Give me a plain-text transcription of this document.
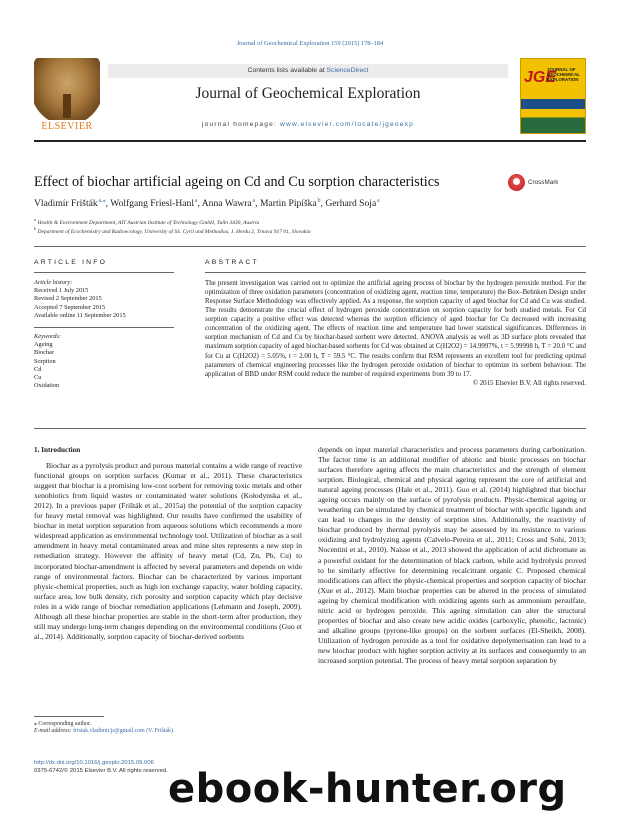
Journal of Geochemical Exploration 159 (2015) 178–184
ELSEVIER
Contents lists available at ScienceDirect
Journal of Geochemical Exploration
journal homepage: www.elsevier.com/locate/jgeoexp
JGE
JOURNAL OF GEOCHEMICAL EXPLORATION
Effect of biochar artificial ageing on Cd and Cu sorption characteristics	CrossMark
Vladimír Frišták $^{a,⁎}$, Wolfgang Friesl-Hanl $^a$, Anna Wawra $^a$, Martin Pipíška $^b$, Gerhard Soja $^a$
$^a$ Health & Environment Department, AIT Austrian Institute of Technology GmbH, Tulln 3430, Austria
$^b$ Department of Ecochemistry and Radioecology, University of SS. Cyril and Methodius, J. Herdu 2, Trnava 917 01, Slovakia
ARTICLE INFO	ABSTRACT
Article history:
Received 1 July 2015
Revised 2 September 2015
Accepted 7 September 2015
Available online 11 September 2015
Keywords:
Ageing
Biochar
Sorption
Cd
Cu
Oxidation
The present investigation was carried out to optimize the artificial ageing process of biochar by the hydrogen peroxide method. For the optimization of three oxidation parameters (concentration of oxidizing agent, reaction time, temperature) the Box–Behnken Design under Response Surface Methodology was effectively applied. As a response, the sorption capacity of aged biochar for Cd and Cu was studied. The results demonstrate the crucial effect of hydrogen peroxide concentration on sorption capacity for both studied metals. For Cd sorption capacity a positive effect was detected whereas the sorption efficiency of aged biochar for Cu decreased with increasing concentration of the oxidizing agent. The effects of reaction time and temperature had lower statistical significances. Differences in sorption mechanism of Cd and Cu by biochar-based sorbent were detected. ANOVA analysis as well as 3D surface plots revealed that maximum sorption capacity of aged biochar-based sorbents for Cd was obtained at C(H2O2) = 14.9997%, t = 5.99998 h, T = 20.0 °C and for Cu at C(H2O2) = 5.05%, t = 2.00 h, T = 59.5 °C. The results confirm that RSM represents an excellent tool for predicting optimal parameters of chemical engineering processes like the hydrogen peroxide oxidation of biochar to optimize its sorbent behaviour. The application of BBD under RSM could reduce the number of required experiments from 39 to 17.
© 2015 Elsevier B.V. All rights reserved.
1. Introduction

Biochar as a pyrolysis product and porous material contains a wide range of reactive functional groups on sorption surfaces (Kumar et al., 2011). These characteristics suggest that biochar is a promising low-cost sorbent for removing toxic metals and other xenobiotics from liquid wastes or contaminated water solutions (Kołodynska et al., 2012). In a previous paper (Frišták et al., 2015a) the potential of the sorption capacity for heavy metal removal was highlighted. Our results have confirmed the usability of biochar in metal sorption separation from aqueous solutions which recommends a more widespread application as environmental technology tool. Utilization of biochar as a soil amendment in heavy metal contaminated areas and mine sites represents a new step in remediation strategy. However the affinity of heavy metal (Cd, Zn, Pb, Cu) to incorporated biochar-amendment is affected by several parameters and depends on wide range of environmental factors. Biochar can be characterized by various important physic-chemical properties, such as high ion exchange capacity, water holding capacity, surface area, low bulk density, rich porosity and sorption capacity which play decisive roles in a wide range of biochar remediation applications (Lehmann and Joseph, 2009). Although all these biochar properties are stable in the short-term after production, they still may undergo long-term changes depending on the environmental conditions (Guo et al., 2014). Additionally, sorption capacity of biochar-derived sorbents

depends on input material characteristics and process parameters during carbonization. The factor time is an additional modifier of abiotic and biotic processes on biochar surfaces therefore ageing affects the main characteristics and the strength of element sorption. Biological, chemical and physical ageing represent the core of artificial and natural ageing processes (Hale et al., 2011). Guo et al. (2014) highlighted that biochar ageing occurs mainly on the surface of pyrolysis products. Physic-chemical ageing or weathering can be simulated by chemical treatment of biochar with specific ligands and can lead to changes in the density of sorption sites. Additionally, the reactivity of biochar produced by thermal pyrolysis may be assessed by its resistance to various oxidizing and hydrolyzing agents (Calvelo-Pereira et al., 2011; Cross and Sohi, 2013; Nocentini et al., 2010). Naisse et al., 2013 showed the application of acid dichromate as a powerful oxidant for the determination of black carbon, while acid hydrolysis proved to be similarly effective for determining recalcitrant organic C. Proposed chemical modifications can affect the physic-chemical properties and sorption capacity of biochar (Xue et al., 2012). Main biochar properties can be altered in the process of simulated ageing by chemical modification with oxidizing agents such as ammonium persulfate, nitric acid or hydrogen peroxide. This ageing simulation can alter the structural properties of biochar and also create new acidic oxides (carboxylic, phenolic, lactonic) and alkaline groups (pyrone-like groups) on the sorbent surfaces (El-Sheikh, 2008). Utilization of hydrogen peroxide as a tool for oxidative depolymerisation can lead to a new biochar product with higher sorption activity at its surfaces and consequently to an increased sorption potential. The process of heavy metal sorption separation by

⁎ Corresponding author.
E-mail address: fristak.vladimir.jr@gmail.com (V. Frišták).
http://dx.doi.org/10.1016/j.gexplo.2015.09.006
0375-6742/© 2015 Elsevier B.V. All rights reserved. ebook-hunter.org
